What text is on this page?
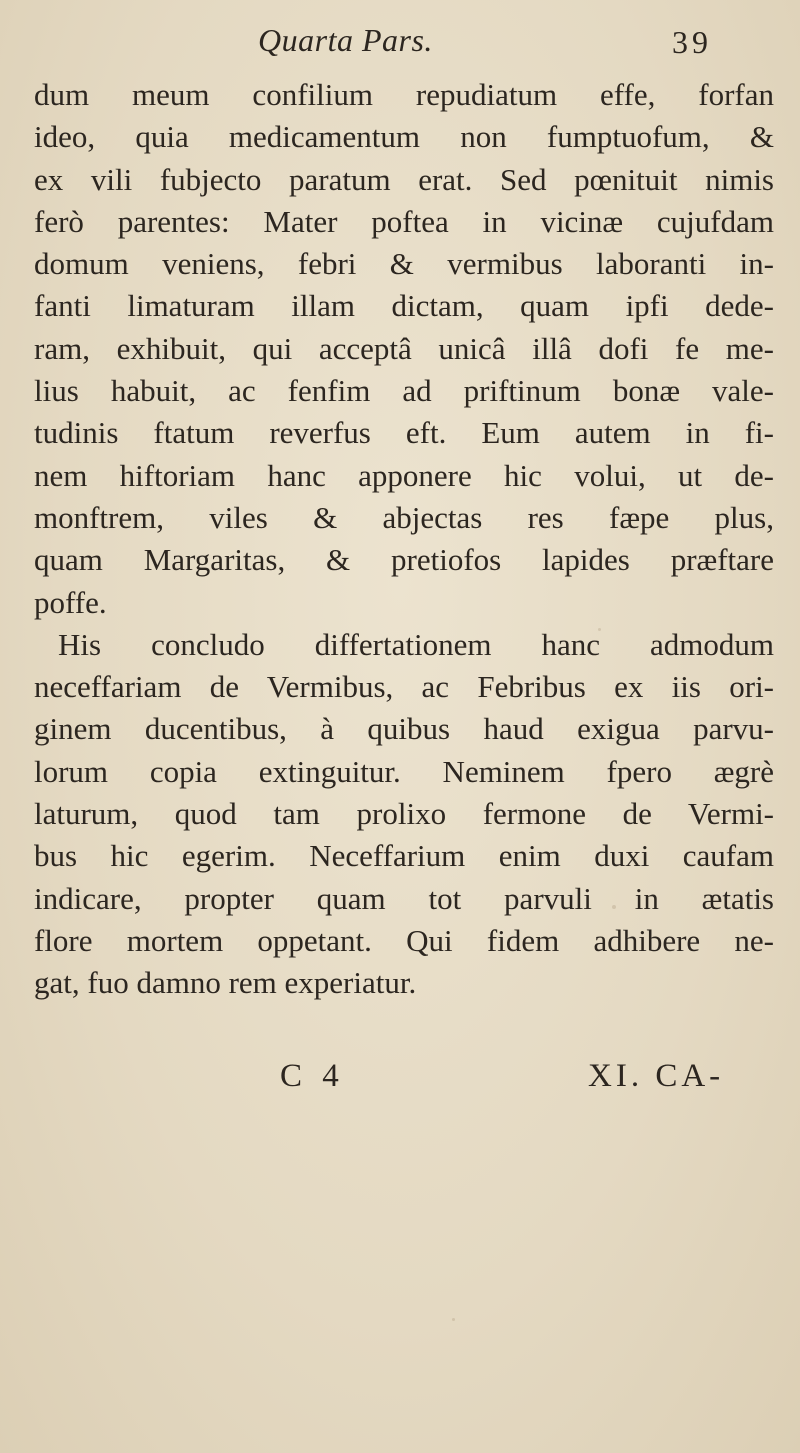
Quarta Pars.	39
dum meum confilium repudiatum effe, forfan
ideo, quia medicamentum non fumptuofum, &
ex vili fubjecto paratum erat. Sed pœnituit nimis
ferò parentes: Mater poftea in vicinæ cujufdam
domum veniens, febri & vermibus laboranti in-
fanti limaturam illam dictam, quam ipfi dede-
ram, exhibuit, qui acceptâ unicâ illâ dofi fe me-
lius habuit, ac fenfim ad priftinum bonæ vale-
tudinis ftatum reverfus eft. Eum autem in fi-
nem hiftoriam hanc apponere hic volui, ut de-
monftrem, viles & abjectas res fæpe plus,
quam Margaritas, & pretiofos lapides præftare
poffe.
His concludo differtationem hanc admodum
neceffariam de Vermibus, ac Febribus ex iis ori-
ginem ducentibus, à quibus haud exigua parvu-
lorum copia extinguitur. Neminem fpero ægrè
laturum, quod tam prolixo fermone de Vermi-
bus hic egerim. Neceffarium enim duxi caufam
indicare, propter quam tot parvuli in ætatis
flore mortem oppetant. Qui fidem adhibere ne-
gat, fuo damno rem experiatur.
C 4	XI. CA-
